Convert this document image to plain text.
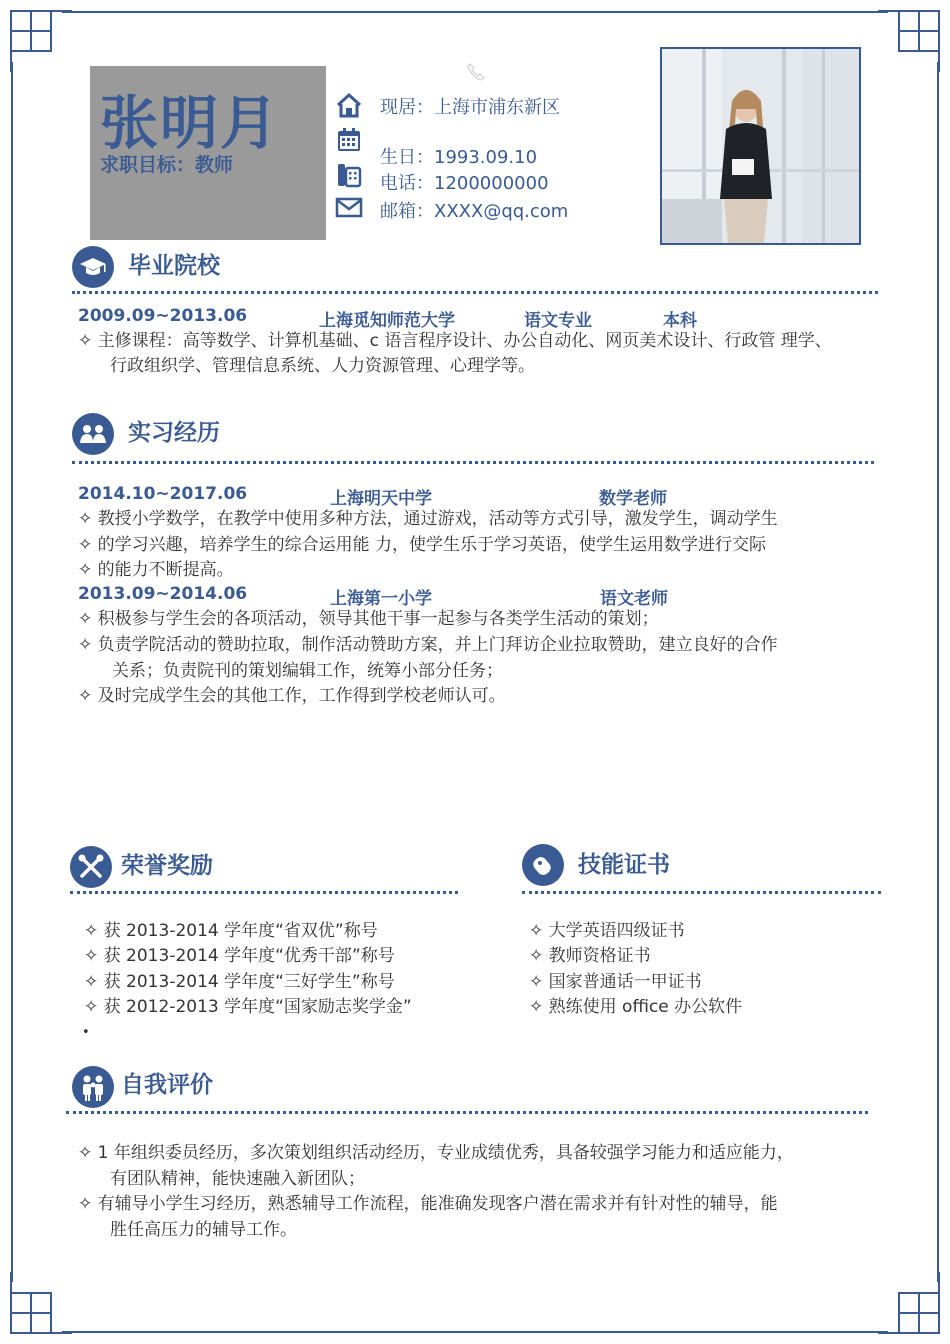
张明月
求职目标：教师
现居：上海市浦东新区
生日：1993.09.10
电话：1200000000
邮箱：XXXX@qq.com
毕业院校
2009.09~2013.06	上海觅知师范大学	语文专业	本科
✧ 主修课程：高等数学、计算机基础、c 语言程序设计、办公自动化、网页美术设计、行政管 理学、
行政组织学、管理信息系统、人力资源管理、心理学等。
实习经历
2014.10~2017.06	上海明天中学	数学老师
✧ 教授小学数学，在教学中使用多种方法，通过游戏，活动等方式引导，激发学生，调动学生
✧ 的学习兴趣，培养学生的综合运用能 力，使学生乐于学习英语，使学生运用数学进行交际
✧ 的能力不断提高。
2013.09~2014.06	上海第一小学	语文老师
✧ 积极参与学生会的各项活动，领导其他干事一起参与各类学生活动的策划；
✧ 负责学院活动的赞助拉取，制作活动赞助方案，并上门拜访企业拉取赞助，建立良好的合作
关系；负责院刊的策划编辑工作，统筹小部分任务；
✧ 及时完成学生会的其他工作，工作得到学校老师认可。
荣誉奖励
✧ 获 2013-2014 学年度“省双优”称号
✧ 获 2013-2014 学年度“优秀干部”称号
✧ 获 2013-2014 学年度“三好学生”称号
✧ 获 2012-2013 学年度“国家励志奖学金”
•
技能证书
✧ 大学英语四级证书
✧ 教师资格证书
✧ 国家普通话一甲证书
✧ 熟练使用 office 办公软件
自我评价
✧ 1 年组织委员经历，多次策划组织活动经历，专业成绩优秀，具备较强学习能力和适应能力，
有团队精神，能快速融入新团队；
✧ 有辅导小学生习经历，熟悉辅导工作流程，能准确发现客户潜在需求并有针对性的辅导，能
胜任高压力的辅导工作。
